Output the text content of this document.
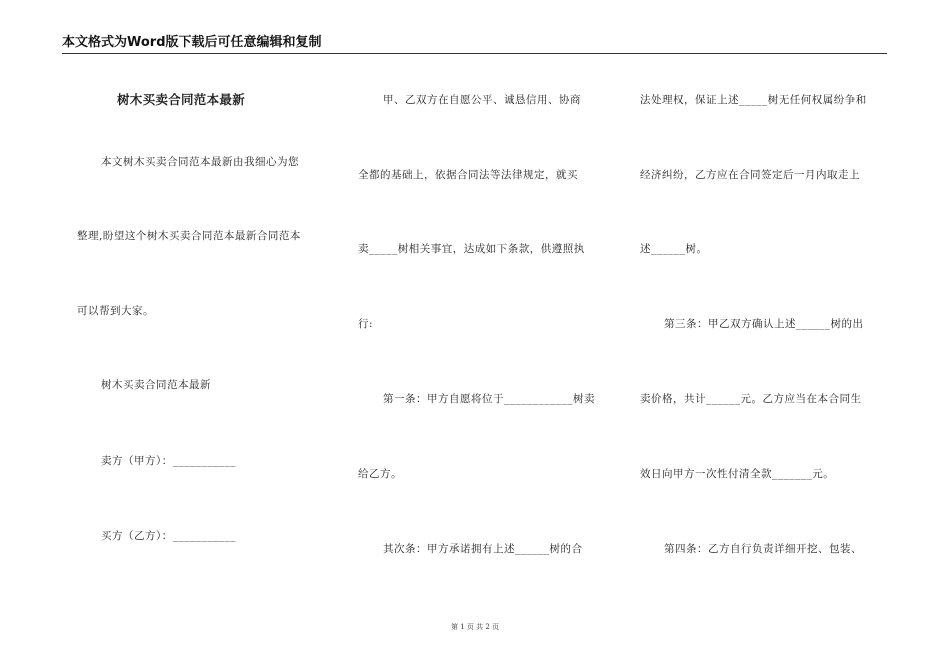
本文格式为Word版下载后可任意编辑和复制
树木买卖合同范本最新
本文树木买卖合同范本最新由我细心为您
整理,盼望这个树木买卖合同范本最新合同范本
可以帮到大家。
树木买卖合同范本最新
卖方（甲方）：___________
买方（乙方）：___________
甲、乙双方在自愿公平、诚恳信用、协商
全都的基础上，依据合同法等法律规定，就买
卖_____树相关事宜，达成如下条款，供遵照执
行:
第一条：甲方自愿将位于____________树卖
给乙方。
其次条：甲方承诺拥有上述______树的合
法处理权，保证上述_____树无任何权属纷争和
经济纠纷，乙方应在合同签定后一月内取走上
述______树。
第三条：甲乙双方确认上述______树的出
卖价格，共计______元。乙方应当在本合同生
效日向甲方一次性付清全款_______元。
第四条：乙方自行负责详细开挖、包装、
第 1 页 共 2 页
